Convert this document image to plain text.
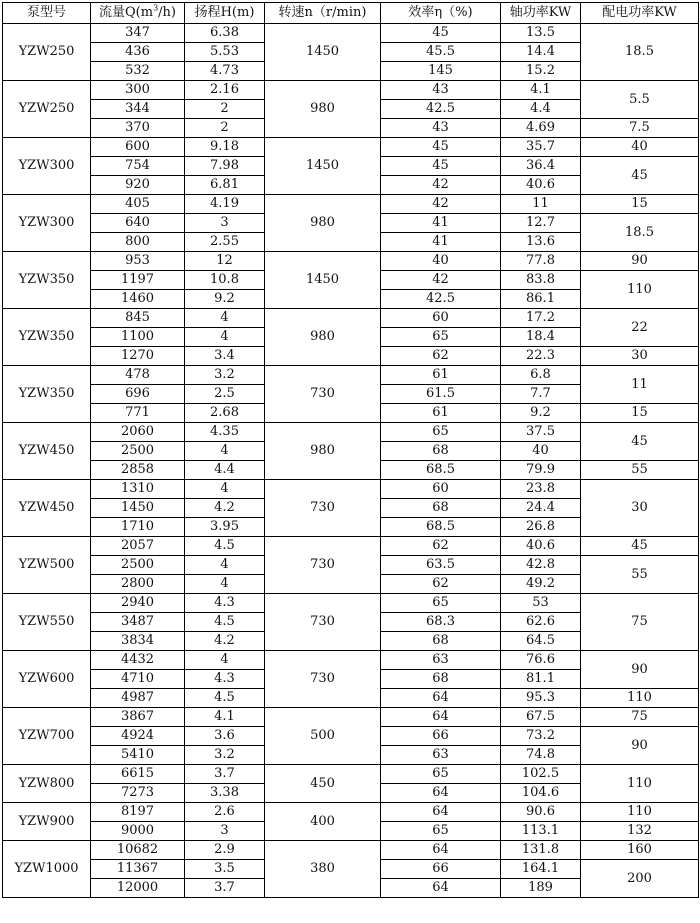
泵型号	流量$Q(m^3/h)$	扬程H(m)	转速n（r/min)	效率η（%)	轴功率KW	配电功率KW
YZW250	347	6.38	1450	45	13.5	18.5
	436	5.53		45.5	14.4	
	532	4.73		145	15.2	
YZW250	300	2.16	980	43	4.1	5.5
	344	2		42.5	4.4	
	370	2		43	4.69	7.5
YZW300	600	9.18	1450	45	35.7	40
	754	7.98		45	36.4	45
	920	6.81		42	40.6	
YZW300	405	4.19	980	42	11	15
	640	3		41	12.7	18.5
	800	2.55		41	13.6	
YZW350	953	12	1450	40	77.8	90
	1197	10.8		42	83.8	110
	1460	9.2		42.5	86.1	
YZW350	845	4	980	60	17.2	22
	1100	4		65	18.4	
	1270	3.4		62	22.3	30
YZW350	478	3.2	730	61	6.8	11
	696	2.5		61.5	7.7	
	771	2.68		61	9.2	15
YZW450	2060	4.35	980	65	37.5	45
	2500	4		68	40	
	2858	4.4		68.5	79.9	55
YZW450	1310	4	730	60	23.8	30
	1450	4.2		68	24.4	
	1710	3.95		68.5	26.8	
YZW500	2057	4.5	730	62	40.6	45
	2500	4		63.5	42.8	55
	2800	4		62	49.2	
YZW550	2940	4.3	730	65	53	75
	3487	4.5		68.3	62.6	
	3834	4.2		68	64.5	
YZW600	4432	4	730	63	76.6	90
	4710	4.3		68	81.1	
	4987	4.5		64	95.3	110
YZW700	3867	4.1	500	64	67.5	75
	4924	3.6		66	73.2	90
	5410	3.2		63	74.8	
YZW800	6615	3.7	450	65	102.5	110
	7273	3.38		64	104.6	
YZW900	8197	2.6	400	64	90.6	110
	9000	3		65	113.1	132
YZW1000	10682	2.9	380	64	131.8	160
	11367	3.5		66	164.1	200
	12000	3.7		64	189	
